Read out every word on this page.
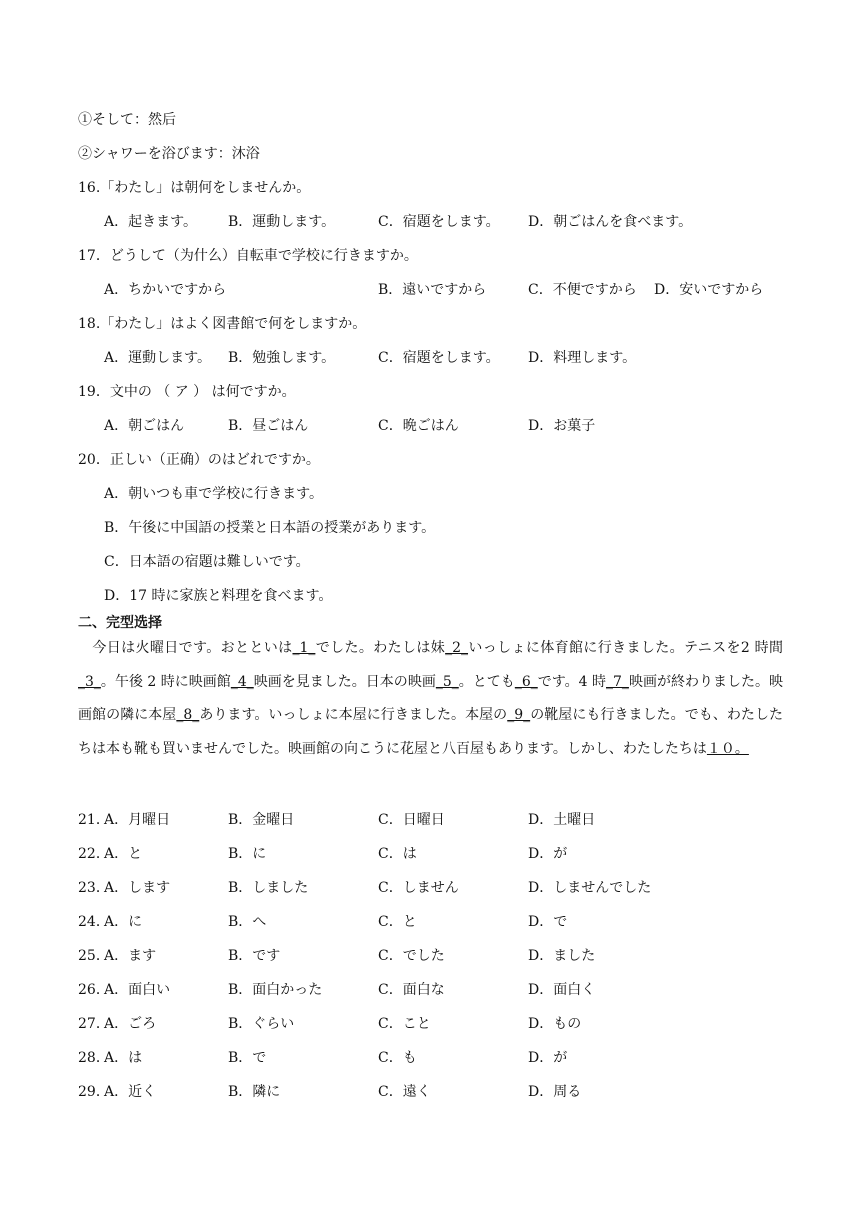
①そして：然后
②シャワーを浴びます：沐浴
16.「わたし」は朝何をしませんか。
A．起きます。 B．運動します。	C．宿題をします。 D．朝ごはんを食べます。
17．どうして（为什么）自転車で学校に行きますか。
A．ちかいですから	B．遠いですから	C．不便ですから D．安いですから
18.「わたし」はよく図書館で何をしますか。
A．運動します。 B．勉強します。	C．宿題をします。 D．料理します。
19．文中の （ ア ） は何ですか。
A．朝ごはん	B．昼ごはん	C．晩ごはん	D．お菓子
20．正しい（正确）のはどれですか。
A．朝いつも車で学校に行きます。
B．午後に中国語の授業と日本語の授業があります。
C．日本語の宿題は難しいです。
D．17 時に家族と料理を食べます。
二、完型选择
　今日は火曜日です。おとといは_1_でした。わたしは妹_2_いっしょに体育館に行きました。テニスを2 時間_3_。午後 2 時に映画館_4_映画を見ました。日本の映画_5_。とても_6_です。4 時_7_映画が終わりました。映画館の隣に本屋_8_あります。いっしょに本屋に行きました。本屋の_9_の靴屋にも行きました。でも、わたしたちは本も靴も買いませんでした。映画館の向こうに花屋と八百屋もあります。しかし、わたしたちは１０。
21．
A．月曜日	B．金曜日	C．日曜日	D．土曜日
22．
A．と	B．に	C．は	D．が
23．
A．します	B．しました	C．しません	D．しませんでした
24．
A．に	B．へ	C．と	D．で
25．
A．ます	B．です	C．でした	D．ました
26．
A．面白い	B．面白かった	C．面白な	D．面白く
27．
A．ごろ	B．ぐらい	C．こと	D．もの
28．
A．は	B．で	C．も	D．が
29．
A．近く	B．隣に	C．遠く	D．周る
